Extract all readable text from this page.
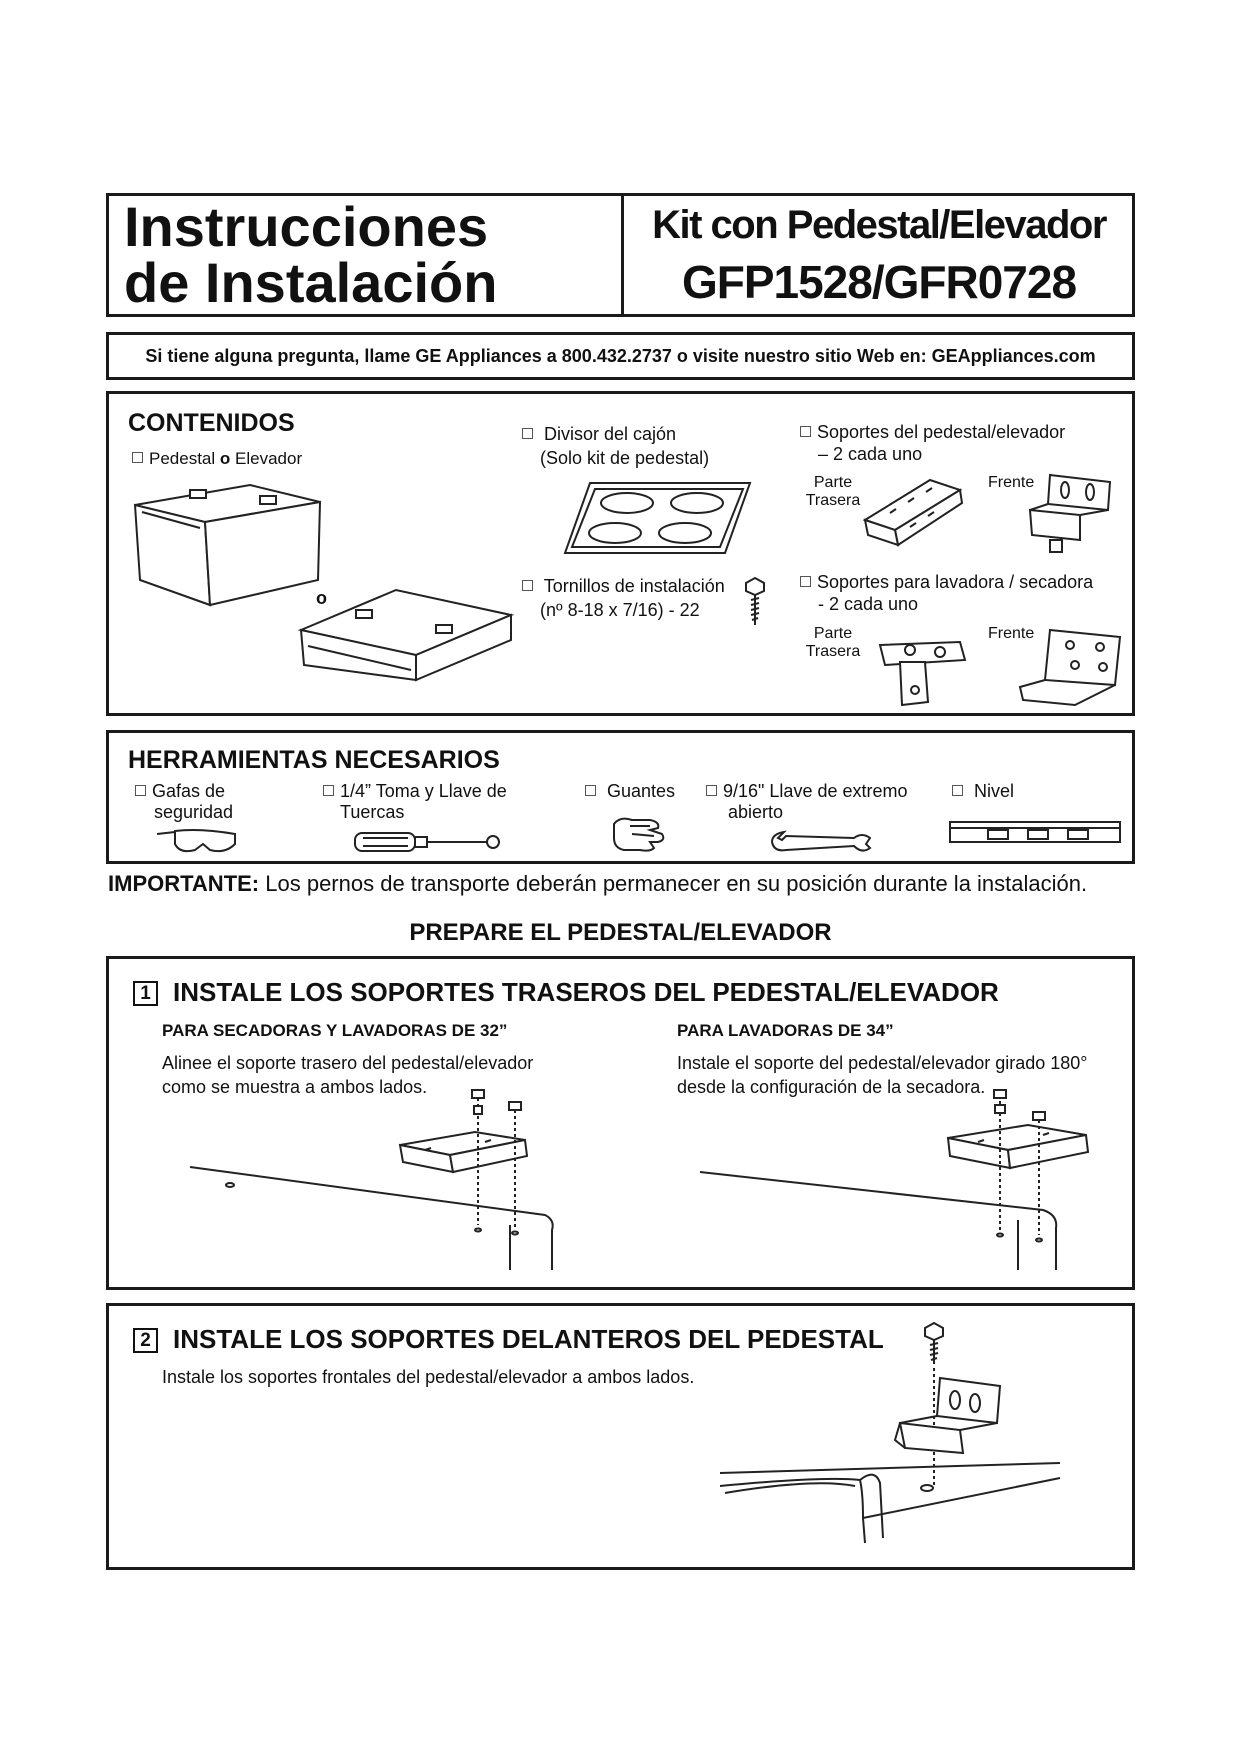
Instrucciones
de Instalación
Kit con Pedestal/Elevador
GFP1528/GFR0728
Si tiene alguna pregunta, llame GE Appliances a 800.432.2737 o visite nuestro sitio Web en: GEAppliances.com
CONTENIDOS
Pedestal o Elevador
o
Divisor del cajón
(Solo kit de pedestal)
Tornillos de instalación
(nº 8-18 x 7/16) - 22
Soportes del pedestal/elevador
– 2 cada uno
Parte
Trasera
Frente
Soportes para lavadora / secadora
- 2 cada uno
Parte
Trasera
Frente
HERRAMIENTAS NECESARIOS
Gafas de
seguridad
1/4” Toma y Llave de
Tuercas
Guantes	9/16" Llave de extremo
abierto
Nivel
IMPORTANTE: Los pernos de transporte deberán permanecer en su posición durante la instalación.
PREPARE EL PEDESTAL/ELEVADOR
1 INSTALE LOS SOPORTES TRASEROS DEL PEDESTAL/ELEVADOR
PARA SECADORAS Y LAVADORAS DE 32”
Alinee el soporte trasero del pedestal/elevador
como se muestra a ambos lados.
PARA LAVADORAS DE 34”
Instale el soporte del pedestal/elevador girado 180°
desde la configuración de la secadora.
2 INSTALE LOS SOPORTES DELANTEROS DEL PEDESTAL
Instale los soportes frontales del pedestal/elevador a ambos lados.
